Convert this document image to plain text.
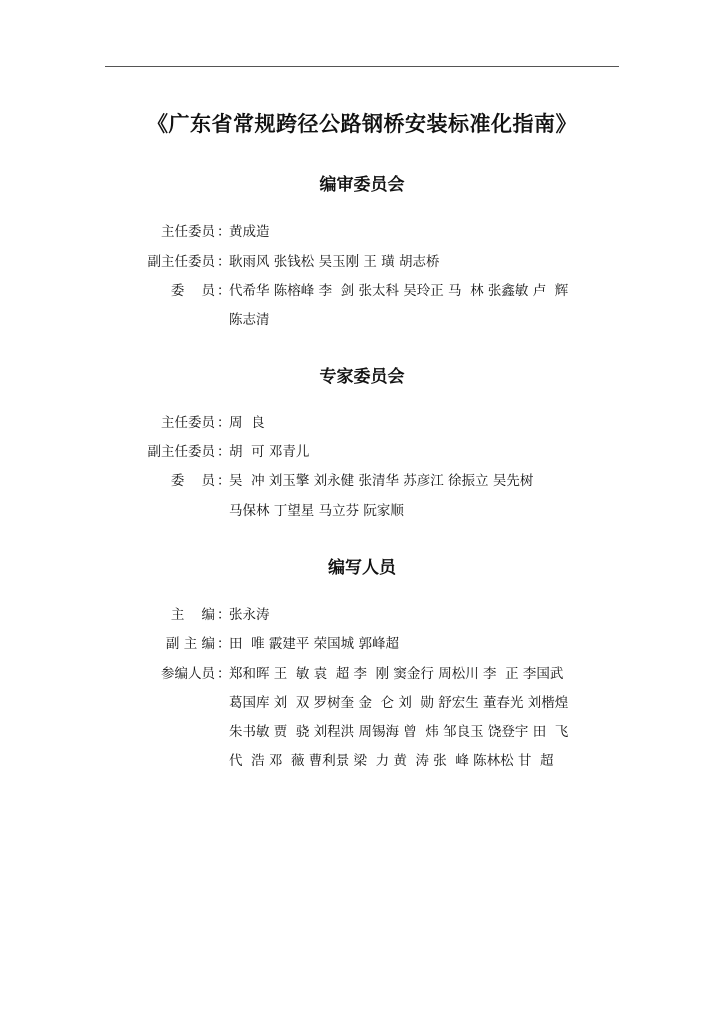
《广东省常规跨径公路钢桥安装标准化指南》
编审委员会
主任委员 ：
黄成造
副主任委员 ：
耿雨风 张钱松 吴玉刚 王 璜 胡志桥
委    员 ：
代希华 陈榕峰 李  剑 张太科 吴玲正 马  林 张鑫敏 卢  辉
陈志清
专家委员会
主任委员 ：
周  良
副主任委员 ：
胡  可 邓青儿
委    员 ：
吴  冲 刘玉擎 刘永健 张清华 苏彦江 徐振立 吴先树
马保林 丁望星 马立芬 阮家顺
编写人员
主    编 ：
张永涛
副 主 编 ：
田  唯 霰建平 荣国城 郭峰超
参编人员 ：
郑和晖 王  敏 袁  超 李  刚 窦金行 周松川 李  正 李国武
葛国库 刘  双 罗树奎 金  仑 刘  勋 舒宏生 董春光 刘楷煌
朱书敏 贾  骁 刘程洪 周锡海 曾  炜 邹良玉 饶登宇 田  飞
代  浩 邓  薇 曹利景 梁  力 黄  涛 张  峰 陈林松 甘  超
